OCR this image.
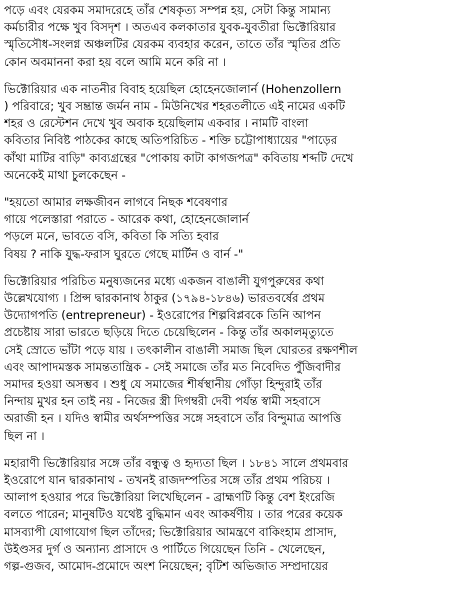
পড়ে এবং যেরকম সমাদরেহে তাঁর শেষকৃত্য সম্পন্ন হয়, সেটা কিন্তু সামান্য
কর্মচারীর পক্ষে খুব বিসদৃশ । অতএব কলকাতার যুবক-যুবতীরা ভিক্টোরিয়ার
স্মৃতিসৌধ-সংলগ্ন অঞ্চলটির যেরকম ব্যবহার করেন, তাতে তাঁর স্মৃতির প্রতি
কোন অবমাননা করা হয় বলে আমি মনে করি না ।
ভিক্টোরিয়ার এক নাতনীর বিবাহ হয়েছিল হোহেনজোলার্ন (Hohenzollern
) পরিবারে; খুব সম্ভ্রান্ত জর্মন নাম - মিউনিখের শহরতলীতে এই নামের একটি
শহর ও রেস্টেশন দেখে খুব অবাক হয়েছিলাম একবার । নামটি বাংলা
কবিতার নিবিষ্ট পাঠকের কাছে অতিপরিচিত - শক্তি চট্টোপাধ্যায়ের "পাড়ের
কাঁথা মাটির বাড়ি" কাব্যগ্রন্থের "পোকায় কাটা কাগজপত্র" কবিতায় শব্দটি দেখে
অনেকেই মাথা চুলকেছেন -
"হয়তো আমার লক্ষজীবন লাগবে নিছক শবেষণার
গায়ে পলেস্তারা পরাতে - আরেক কথা, হোহেনজোলার্ন
পড়লে মনে, ভাবতে বসি, কবিতা কি সত্যি হবার
বিষয় ? নাকি যুদ্ধ-ফরাস ঘুরতে গেছে মার্টিন ও বার্ন -"
ভিক্টোরিয়ার পরিচিত মনুষ্যজনের মধ্যে একজন বাঙালী যুগপুরুষের কথা
উল্লেখযোগ্য । প্রিন্স দ্বারকানাথ ঠাকুর (১৭৯৪-১৮৪৬) ভারতবর্ষের প্রথম
উদ্যোগপতি (entrepreneur) - ইওরোপের শিল্পবিপ্লবকে তিনি আপন
প্রচেষ্টায় সারা ভারতে ছড়িয়ে দিতে চেয়েছিলেন - কিন্তু তাঁর অকালমৃত্যুতে
সেই স্রোতে ভাঁটা পড়ে যায় । তৎকালীন বাঙালী সমাজ ছিল ঘোরতর রক্ষণশীল
এবং আপাদমস্তক সামন্ততান্ত্রিক - সেই সমাজে তাঁর মত নিবেদিত পুঁজিবাদীর
সমাদর হওয়া অসম্ভব । শুধু যে সমাজের শীর্ষস্থানীয় গোঁড়া হিন্দুরাই তাঁর
নিন্দায় মুখর হন তাই নয় - নিজের স্ত্রী দিগম্বরী দেবী পর্যন্ত স্বামী সহবাসে
অরাজী হন । যদিও স্বামীর অর্থসম্পত্তির সঙ্গে সহবাসে তাঁর বিন্দুমাত্র আপত্তি
ছিল না ।
মহারাণী ভিক্টোরিয়ার সঙ্গে তাঁর বন্ধুত্ব ও হৃদ্যতা ছিল । ১৮৪১ সালে প্রথমবার
ইওরোপে যান দ্বারকানাথ - তখনই রাজদম্পতির সঙ্গে তাঁর প্রথম পরিচয় ।
আলাপ হওয়ার পরে ভিক্টোরিয়া লিখেছিলেন - ব্রাহ্মণটি কিন্তু বেশ ইংরেজি
বলতে পারেন; মানুষটিও যথেষ্ট বুদ্ধিমান এবং আকর্ষণীয় । তার পরের কয়েক
মাসব্যাপী যোগাযোগ ছিল তাঁদের; ভিক্টোরিয়ার আমন্ত্রণে বাকিংহাম প্রাসাদ,
উইণ্ডসর দুর্গ ও অন্যান্য প্রাসাদে ও পার্টিতে গিয়েছেন তিনি - খেলেছেন,
গল্প-গুজব, আমোদ-প্রমোদে অংশ নিয়েছেন; বৃটিশ অভিজাত সম্প্রদায়ের
